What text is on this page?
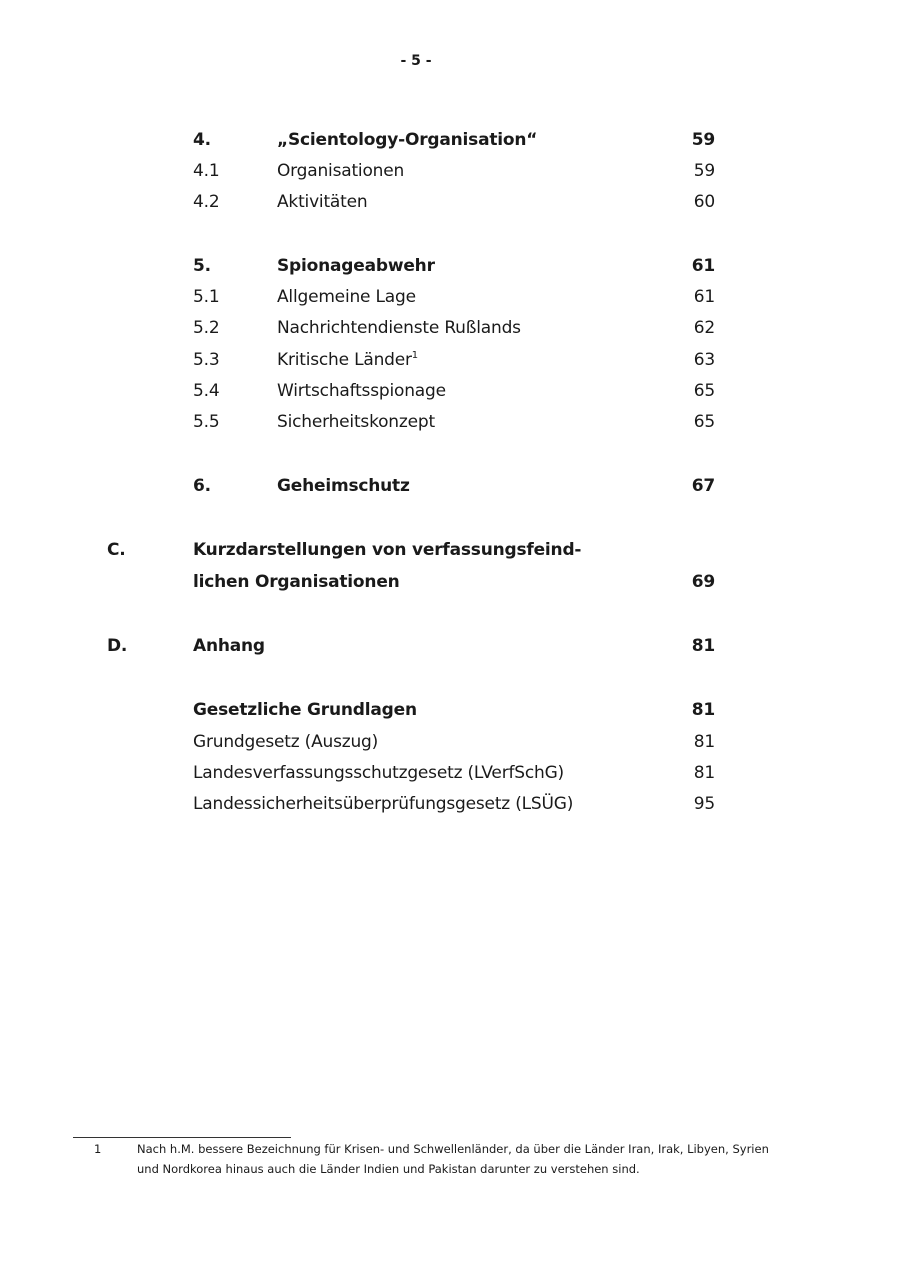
- 5 -
4.	„Scientology-Organisation“	59
4.1	Organisationen	59
4.2	Aktivitäten	60
5.	Spionageabwehr	61
5.1	Allgemeine Lage	61
5.2	Nachrichtendienste Rußlands	62
5.3	Kritische Länder$^1$	63
5.4	Wirtschaftsspionage	65
5.5	Sicherheitskonzept	65
6.	Geheimschutz	67
C.	Kurzdarstellungen von verfassungsfeind-
lichen Organisationen	69
D.	Anhang	81
Gesetzliche Grundlagen	81
Grundgesetz (Auszug)	81
Landesverfassungsschutzgesetz (LVerfSchG)	81
Landessicherheitsüberprüfungsgesetz (LSÜG)	95
1	Nach h.M. bessere Bezeichnung für Krisen- und Schwellenländer, da über die Länder Iran, Irak, Libyen, Syrien und Nordkorea hinaus auch die Länder Indien und Pakistan darunter zu verstehen sind.
